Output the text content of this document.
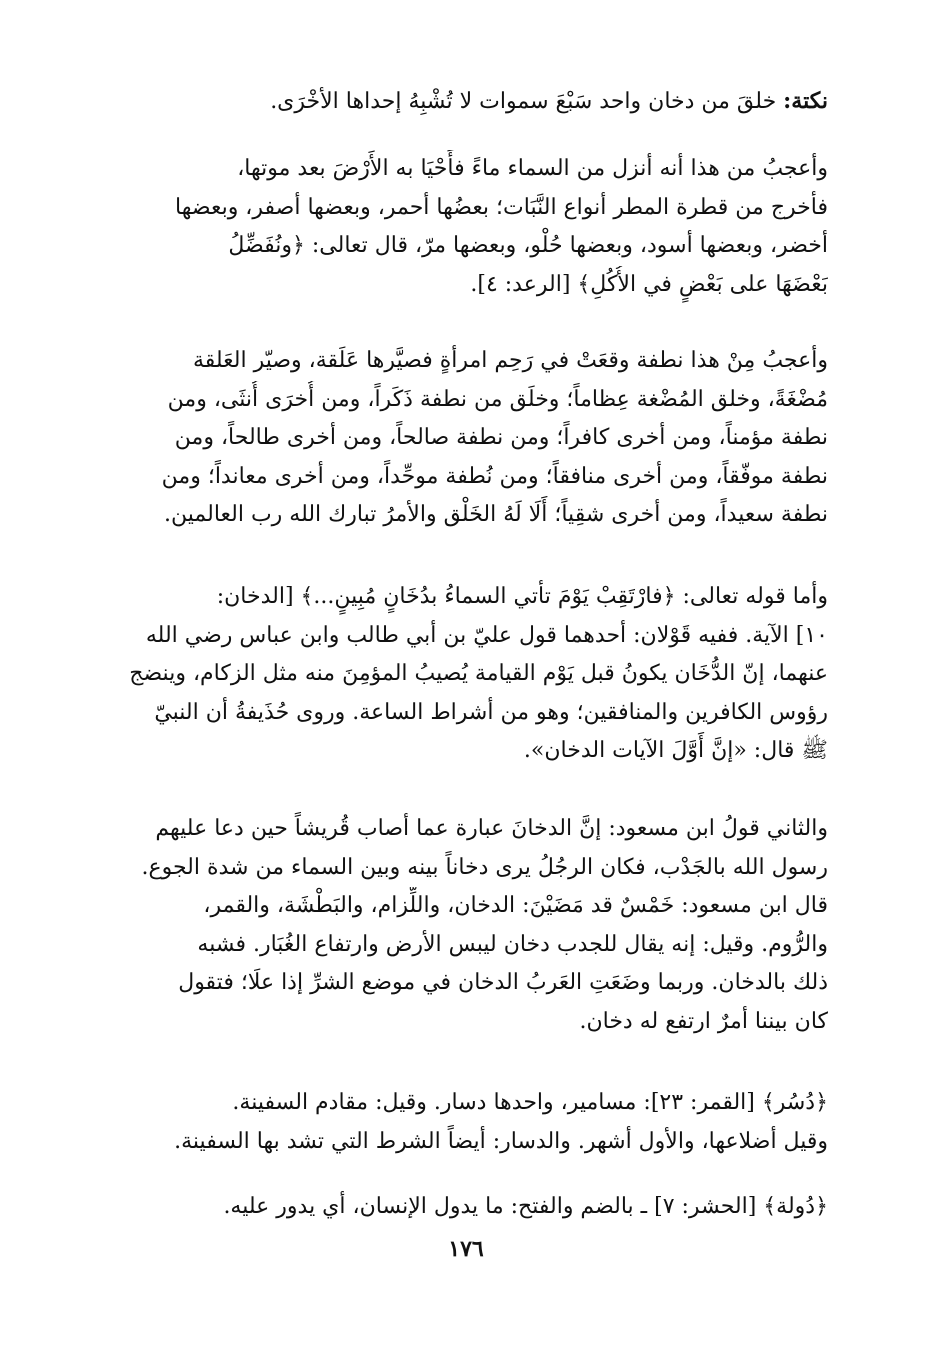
نكتة: خلقَ من دخان واحد سَبْعَ سموات لا تُشْبِهُ إحداها الأخْرَى.
وأعجبُ من هذا أنه أنزل من السماء ماءً فأَحْيَا به الأَرْضَ بعد موتها،
فأخرج من قطرة المطر أنواع النَّبَات؛ بعضُها أحمر، وبعضها أصفر، وبعضها
أخضر، وبعضها أسود، وبعضها حُلْو، وبعضها مرّ، قال تعالى: ﴿ونُفَضِّلُ
بَعْضَهَا على بَعْضٍ في الأُكُلِ﴾ [الرعد: ٤].
وأعجبُ مِنْ هذا نطفة وقعَتْ في رَحِم امرأةٍ فصيَّرها عَلَقة، وصيّر العَلقة
مُضْغَةً، وخلق المُضْغة عِظاماً؛ وخلَق من نطفة ذَكَراً، ومن أُخرَى أُنثَى، ومن
نطفة مؤمناً، ومن أخرى كافراً؛ ومن نطفة صالحاً، ومن أخرى طالحاً، ومن
نطفة موفّقاً، ومن أخرى منافقاً؛ ومن نُطفة موحِّداً، ومن أخرى معانداً؛ ومن
نطفة سعيداً، ومن أخرى شقِياً؛ أَلَا لَهُ الخَلْق والأمرُ تبارك الله رب العالمين.
وأما قوله تعالى: ﴿فارْتَقِبْ يَوْمَ تأتي السماءُ بدُخَانٍ مُبِينٍ...﴾ [الدخان:
١٠] الآية. ففيه قَوْلان: أحدهما قول عليّ بن أبي طالب وابن عباس رضي الله
عنهما، إنّ الدُّخَان يكونُ قبل يَوْم القيامة يُصيبُ المؤمِنَ منه مثل الزكام، وينضج
رؤوس الكافرين والمنافقين؛ وهو من أشراط الساعة. وروى حُذَيفةُ أن النبيّ
ﷺ قال: «إنَّ أَوَّلَ الآيات الدخان».
والثاني قولُ ابن مسعود: إنَّ الدخانَ عبارة عما أصاب قُريشاً حين دعا عليهم
رسول الله بالجَدْب، فكان الرجُلُ يرى دخاناً بينه وبين السماء من شدة الجوع.
قال ابن مسعود: خَمْسٌ قد مَضَيْنَ: الدخان، واللِّزام، والبَطْشَة، والقمر،
والرُّوم. وقيل: إنه يقال للجدب دخان ليبس الأرض وارتفاع الغُبَار. فشبه
ذلك بالدخان. وربما وضَعَتِ العَربُ الدخان في موضع الشرِّ إذا علَا؛ فتقول
كان بيننا أمرٌ ارتفع له دخان.
﴿دُسُر﴾ [القمر: ٢٣]: مسامير، واحدها دسار. وقيل: مقادم السفينة.
وقيل أضلاعها، والأول أشهر. والدسار: أيضاً الشرط التي تشد بها السفينة.
﴿دُولة﴾ [الحشر: ٧] ـ بالضم والفتح: ما يدول الإنسان، أي يدور عليه.
١٧٦
